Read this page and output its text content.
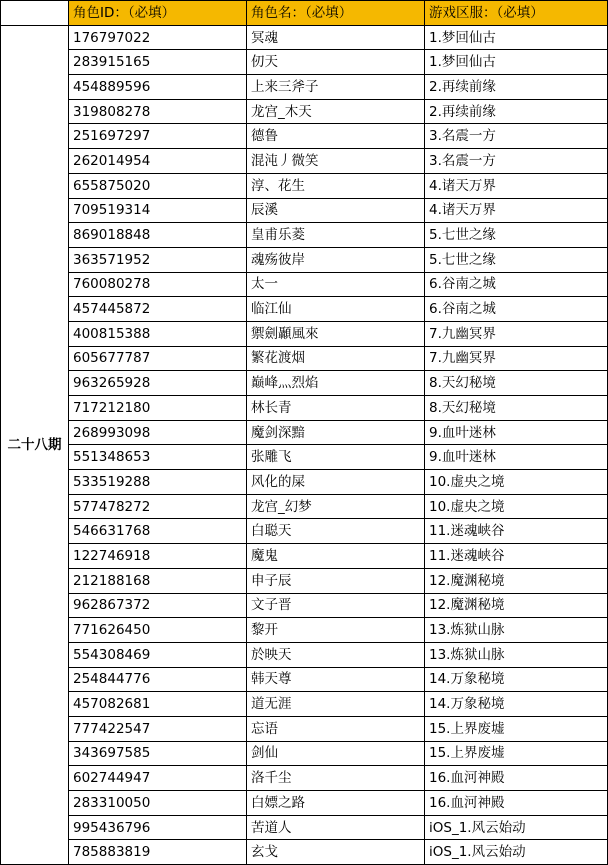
	角色ID：（必填）	角色名：（必填）	游戏区服：（必填）
二十八期	176797022	冥魂	1.梦回仙古
	283915165	仞天	1.梦回仙古
	454889596	上来三斧子	2.再续前缘
	319808278	龙宫_木天	2.再续前缘
	251697297	德鲁	3.名震一方
	262014954	混沌丿微笑	3.名震一方
	655875020	淳、花生	4.诸天万界
	709519314	辰溪	4.诸天万界
	869018848	皇甫乐菱	5.七世之缘
	363571952	魂殇彼岸	5.七世之缘
	760080278	太一	6.谷南之城
	457445872	临江仙	6.谷南之城
	400815388	禦劍顳風來	7.九幽冥界
	605677787	繁花渡烟	7.九幽冥界
	963265928	巅峰灬烈焰	8.天幻秘境
	717212180	林长青	8.天幻秘境
	268993098	魔剑深黯	9.血叶迷林
	551348653	张雕飞	9.血叶迷林
	533519288	风化的屎	10.虚央之境
	577478272	龙宫_幻梦	10.虚央之境
	546631768	白聪天	11.迷魂峡谷
	122746918	魔鬼	11.迷魂峡谷
	212188168	申子辰	12.魔渊秘境
	962867372	文子晋	12.魔渊秘境
	771626450	黎开	13.炼狱山脉
	554308469	於映天	13.炼狱山脉
	254844776	韩天尊	14.万象秘境
	457082681	道无涯	14.万象秘境
	777422547	忘语	15.上界废墟
	343697585	剑仙	15.上界废墟
	602744947	洛千尘	16.血河神殿
	283310050	白嫖之路	16.血河神殿
	995436796	苦道人	iOS_1.风云始动
	785883819	玄戈	iOS_1.风云始动
